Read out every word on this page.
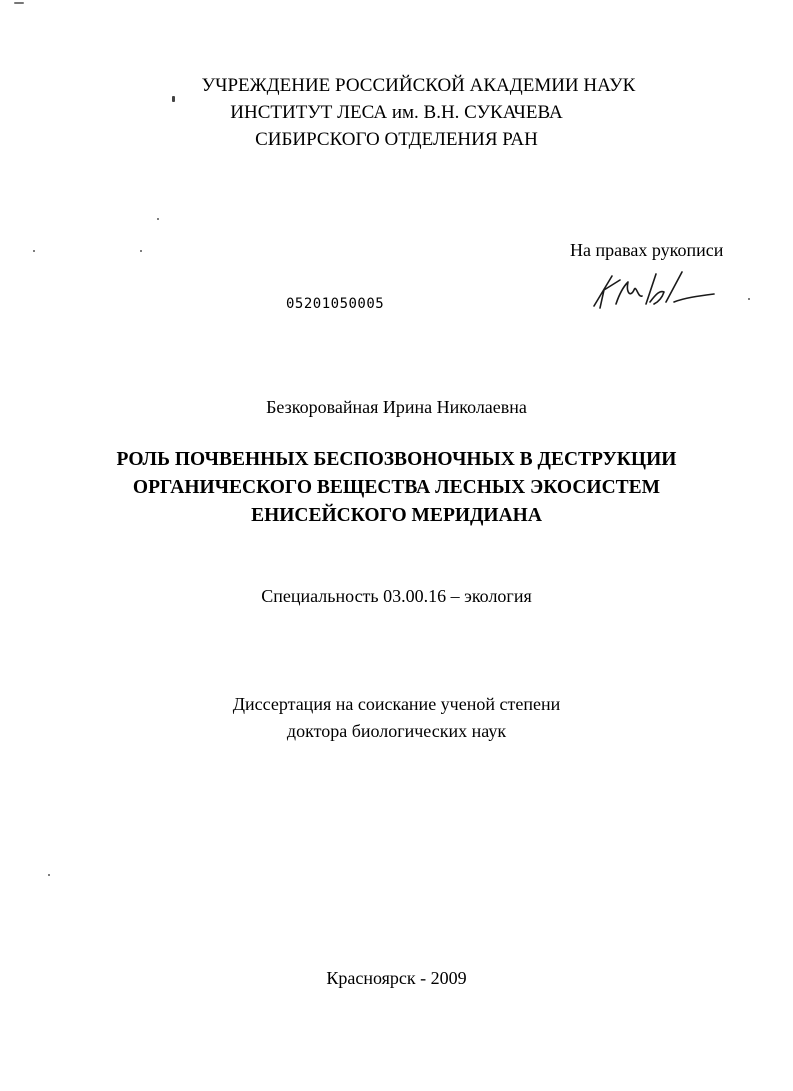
УЧРЕЖДЕНИЕ РОССИЙСКОЙ АКАДЕМИИ НАУК
ИНСТИТУТ ЛЕСА им. В.Н. СУКАЧЕВА
СИБИРСКОГО ОТДЕЛЕНИЯ РАН
На правах рукописи
05201050005
Безкоровайная Ирина Николаевна
РОЛЬ ПОЧВЕННЫХ БЕСПОЗВОНОЧНЫХ В ДЕСТРУКЦИИ
ОРГАНИЧЕСКОГО ВЕЩЕСТВА ЛЕСНЫХ ЭКОСИСТЕМ
ЕНИСЕЙСКОГО МЕРИДИАНА
Специальность 03.00.16 – экология
Диссертация на соискание ученой степени
доктора биологических наук
Красноярск - 2009
